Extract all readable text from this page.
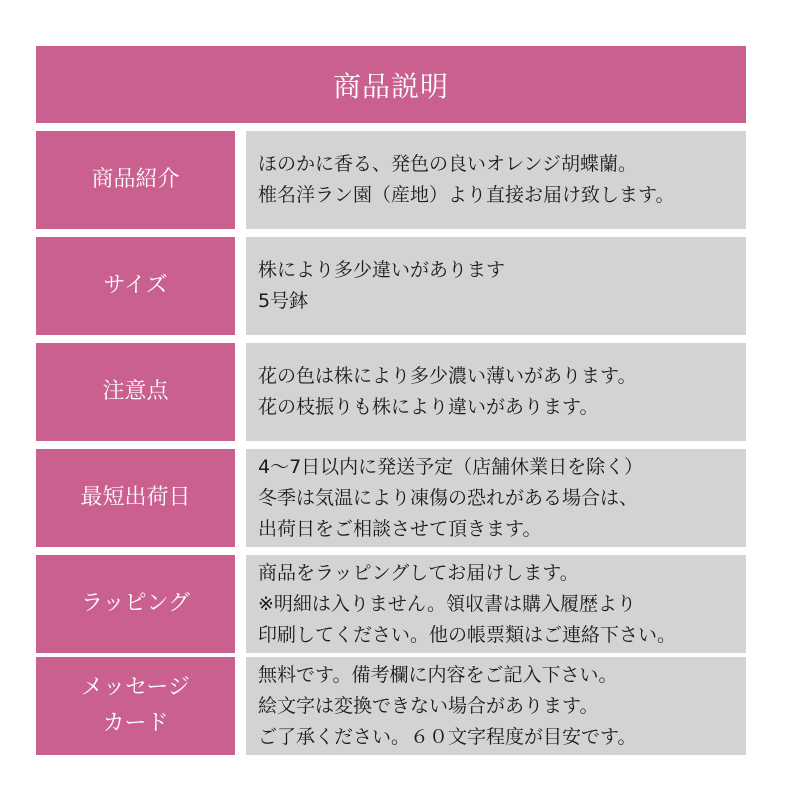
商品説明
商品紹介
ほのかに香る、発色の良いオレンジ胡蝶蘭。
椎名洋ラン園（産地）より直接お届け致します。
サイズ
株により多少違いがあります
5号鉢
注意点
花の色は株により多少濃い薄いがあります。
花の枝振りも株により違いがあります。
最短出荷日
4～7日以内に発送予定（店舗休業日を除く）
冬季は気温により凍傷の恐れがある場合は、
出荷日をご相談させて頂きます。
ラッピング
商品をラッピングしてお届けします。
※明細は入りません。領収書は購入履歴より
印刷してください。他の帳票類はご連絡下さい。
メッセージ
カード
無料です。備考欄に内容をご記入下さい。
絵文字は変換できない場合があります。
ご了承ください。６０文字程度が目安です。
